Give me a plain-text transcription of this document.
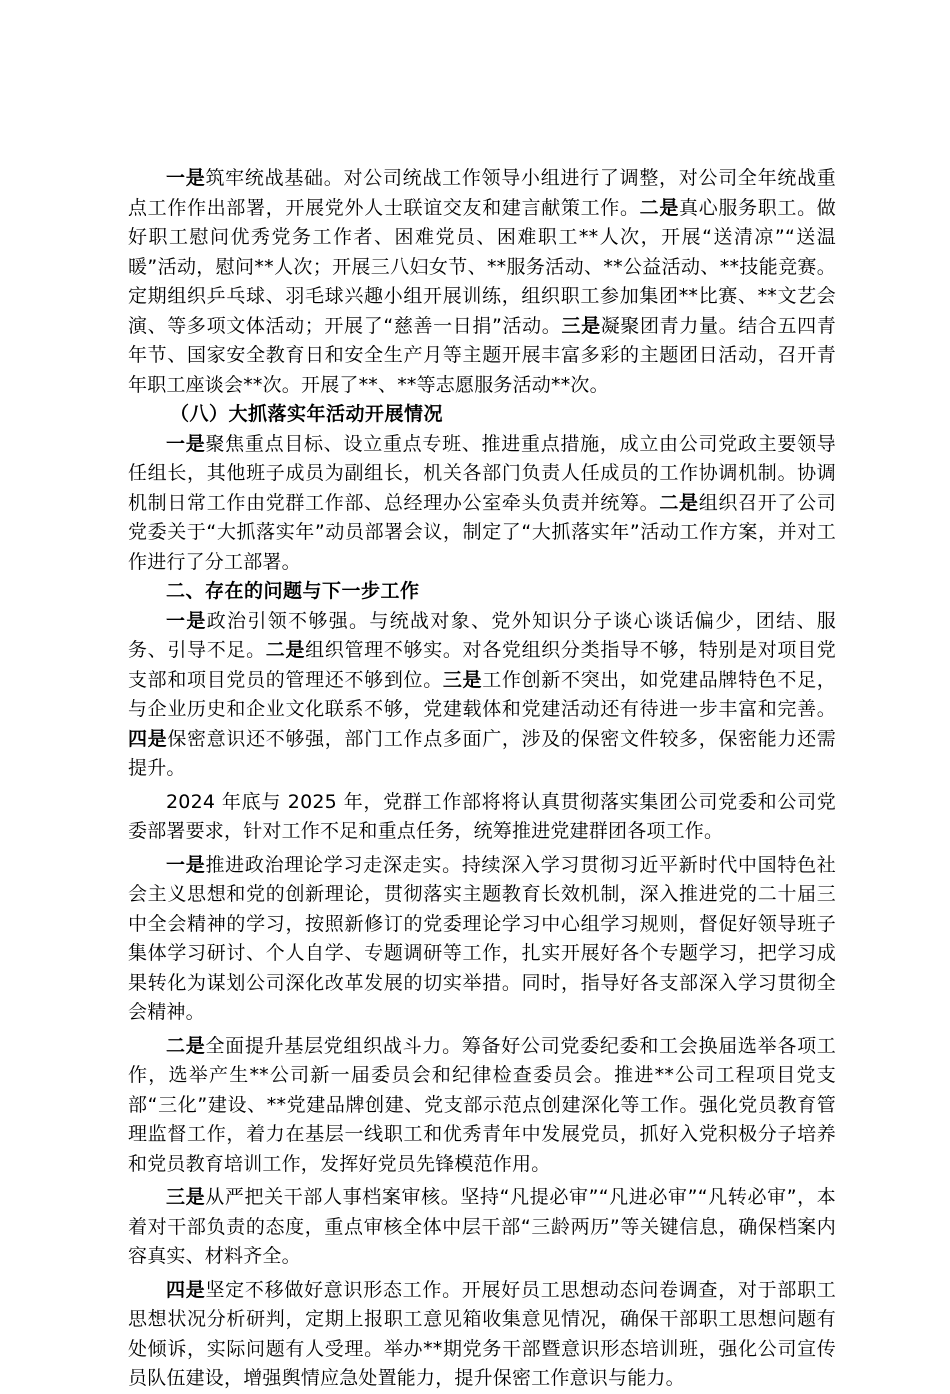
一是筑牢统战基础。对公司统战工作领导小组进行了调整，对公司全年统战重点工作作出部署，开展党外人士联谊交友和建言献策工作。二是真心服务职工。做好职工慰问优秀党务工作者、困难党员、困难职工**人次，开展“送清凉”“送温暖”活动，慰问**人次；开展三八妇女节、**服务活动、**公益活动、**技能竞赛。定期组织乒乓球、羽毛球兴趣小组开展训练，组织职工参加集团**比赛、**文艺会演、等多项文体活动；开展了“慈善一日捐”活动。三是凝聚团青力量。结合五四青年节、国家安全教育日和安全生产月等主题开展丰富多彩的主题团日活动，召开青年职工座谈会**次。开展了**、**等志愿服务活动**次。

（八）大抓落实年活动开展情况

一是聚焦重点目标、设立重点专班、推进重点措施，成立由公司党政主要领导任组长，其他班子成员为副组长，机关各部门负责人任成员的工作协调机制。协调机制日常工作由党群工作部、总经理办公室牵头负责并统筹。二是组织召开了公司党委关于“大抓落实年”动员部署会议，制定了“大抓落实年”活动工作方案，并对工作进行了分工部署。

二、存在的问题与下一步工作

一是政治引领不够强。与统战对象、党外知识分子谈心谈话偏少，团结、服务、引导不足。二是组织管理不够实。对各党组织分类指导不够，特别是对项目党支部和项目党员的管理还不够到位。三是工作创新不突出，如党建品牌特色不足，与企业历史和企业文化联系不够，党建载体和党建活动还有待进一步丰富和完善。四是保密意识还不够强，部门工作点多面广，涉及的保密文件较多，保密能力还需提升。

2024 年底与 2025 年，党群工作部将将认真贯彻落实集团公司党委和公司党委部署要求，针对工作不足和重点任务，统筹推进党建群团各项工作。

一是推进政治理论学习走深走实。持续深入学习贯彻习近平新时代中国特色社会主义思想和党的创新理论，贯彻落实主题教育长效机制，深入推进党的二十届三中全会精神的学习，按照新修订的党委理论学习中心组学习规则，督促好领导班子集体学习研讨、个人自学、专题调研等工作，扎实开展好各个专题学习，把学习成果转化为谋划公司深化改革发展的切实举措。同时，指导好各支部深入学习贯彻全会精神。

二是全面提升基层党组织战斗力。筹备好公司党委纪委和工会换届选举各项工作，选举产生**公司新一届委员会和纪律检查委员会。推进**公司工程项目党支部“三化”建设、**党建品牌创建、党支部示范点创建深化等工作。强化党员教育管理监督工作，着力在基层一线职工和优秀青年中发展党员，抓好入党积极分子培养和党员教育培训工作，发挥好党员先锋模范作用。

三是从严把关干部人事档案审核。坚持“凡提必审”“凡进必审”“凡转必审”，本着对干部负责的态度，重点审核全体中层干部“三龄两历”等关键信息，确保档案内容真实、材料齐全。

四是坚定不移做好意识形态工作。开展好员工思想动态问卷调查，对于部职工思想状况分析研判，定期上报职工意见箱收集意见情况，确保干部职工思想问题有处倾诉，实际问题有人受理。举办**期党务干部暨意识形态培训班，强化公司宣传员队伍建设，增强舆情应急处置能力，提升保密工作意识与能力。
